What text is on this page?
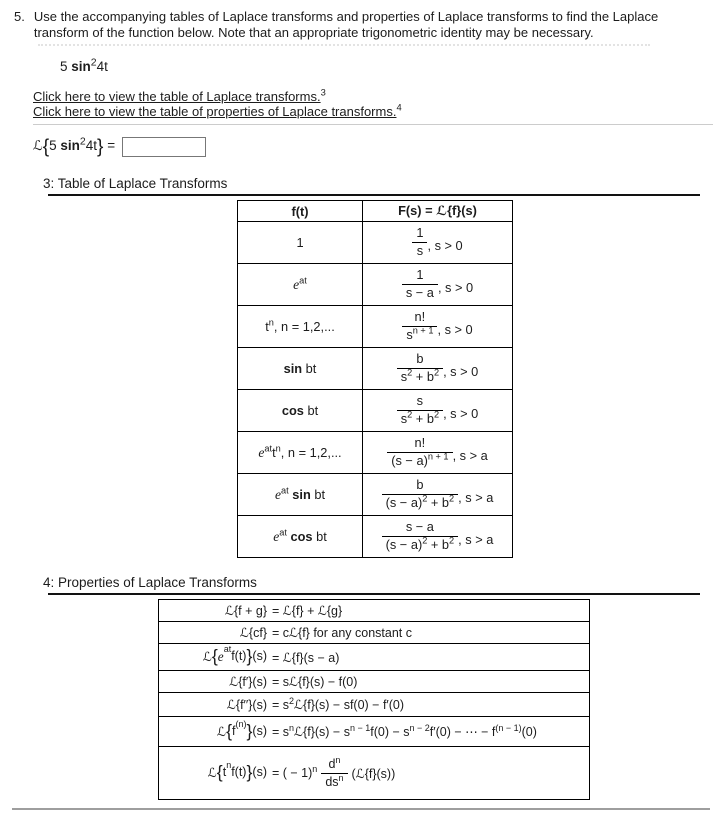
5. Use the accompanying tables of Laplace transforms and properties of Laplace transforms to find the Laplace transform of the function below. Note that an appropriate trigonometric identity may be necessary.
5 $\sin^24t$
Click here to view the table of Laplace transforms.$^3$
Click here to view the table of properties of Laplace transforms.$^4$
ℒ{5 $\sin^24t$} =
3: Table of Laplace Transforms
f(t)	F(s) = ℒ{f}(s)
1	$\frac{1}{s}$ , s > 0

$e^{at}$	$\frac{1}{s - a}$ , s > 0

$t^n$, n = 1,2,...	$\frac{n!}{s^{n + 1}}$ , s > 0

sin bt	$\frac{b}{s^2 + b^2}$ , s > 0

cos bt	$\frac{s}{s^2 + b^2}$ , s > 0

$e^{at}t^n$, n = 1,2,...	$\frac{n!}{(s - a)^{n + 1}}$ , s > a

$e^{at}$ sin bt	$\frac{b}{(s - a)^2 + b^2}$ , s > a

$e^{at}$ cos bt	$\frac{s - a}{(s - a)^2 + b^2}$ , s > a
4: Properties of Laplace Transforms
ℒ{f + g} = ℒ{f} + ℒ{g}
ℒ{cf} = cℒ{f} for any constant c
ℒ { e at f(t) } (s) = ℒ{f}(s − a)
ℒ{f′}(s) = sℒ{f}(s) − f(0)
ℒ{f′′}(s) = $s^2ℒ\{f\}(s) - sf(0) - f'(0)$
ℒ { f (n) } $(s) = s^nℒ\{f\}(s) - s^{n - 1}f(0) - s^{n - 2}f'(0)$ − ⋯ − $f^{(n - 1)}(0)$
ℒ { t n f(t) } (s) = ( − $1)^n \frac{d^n}{ds^n}$ (ℒ{f}(s))
